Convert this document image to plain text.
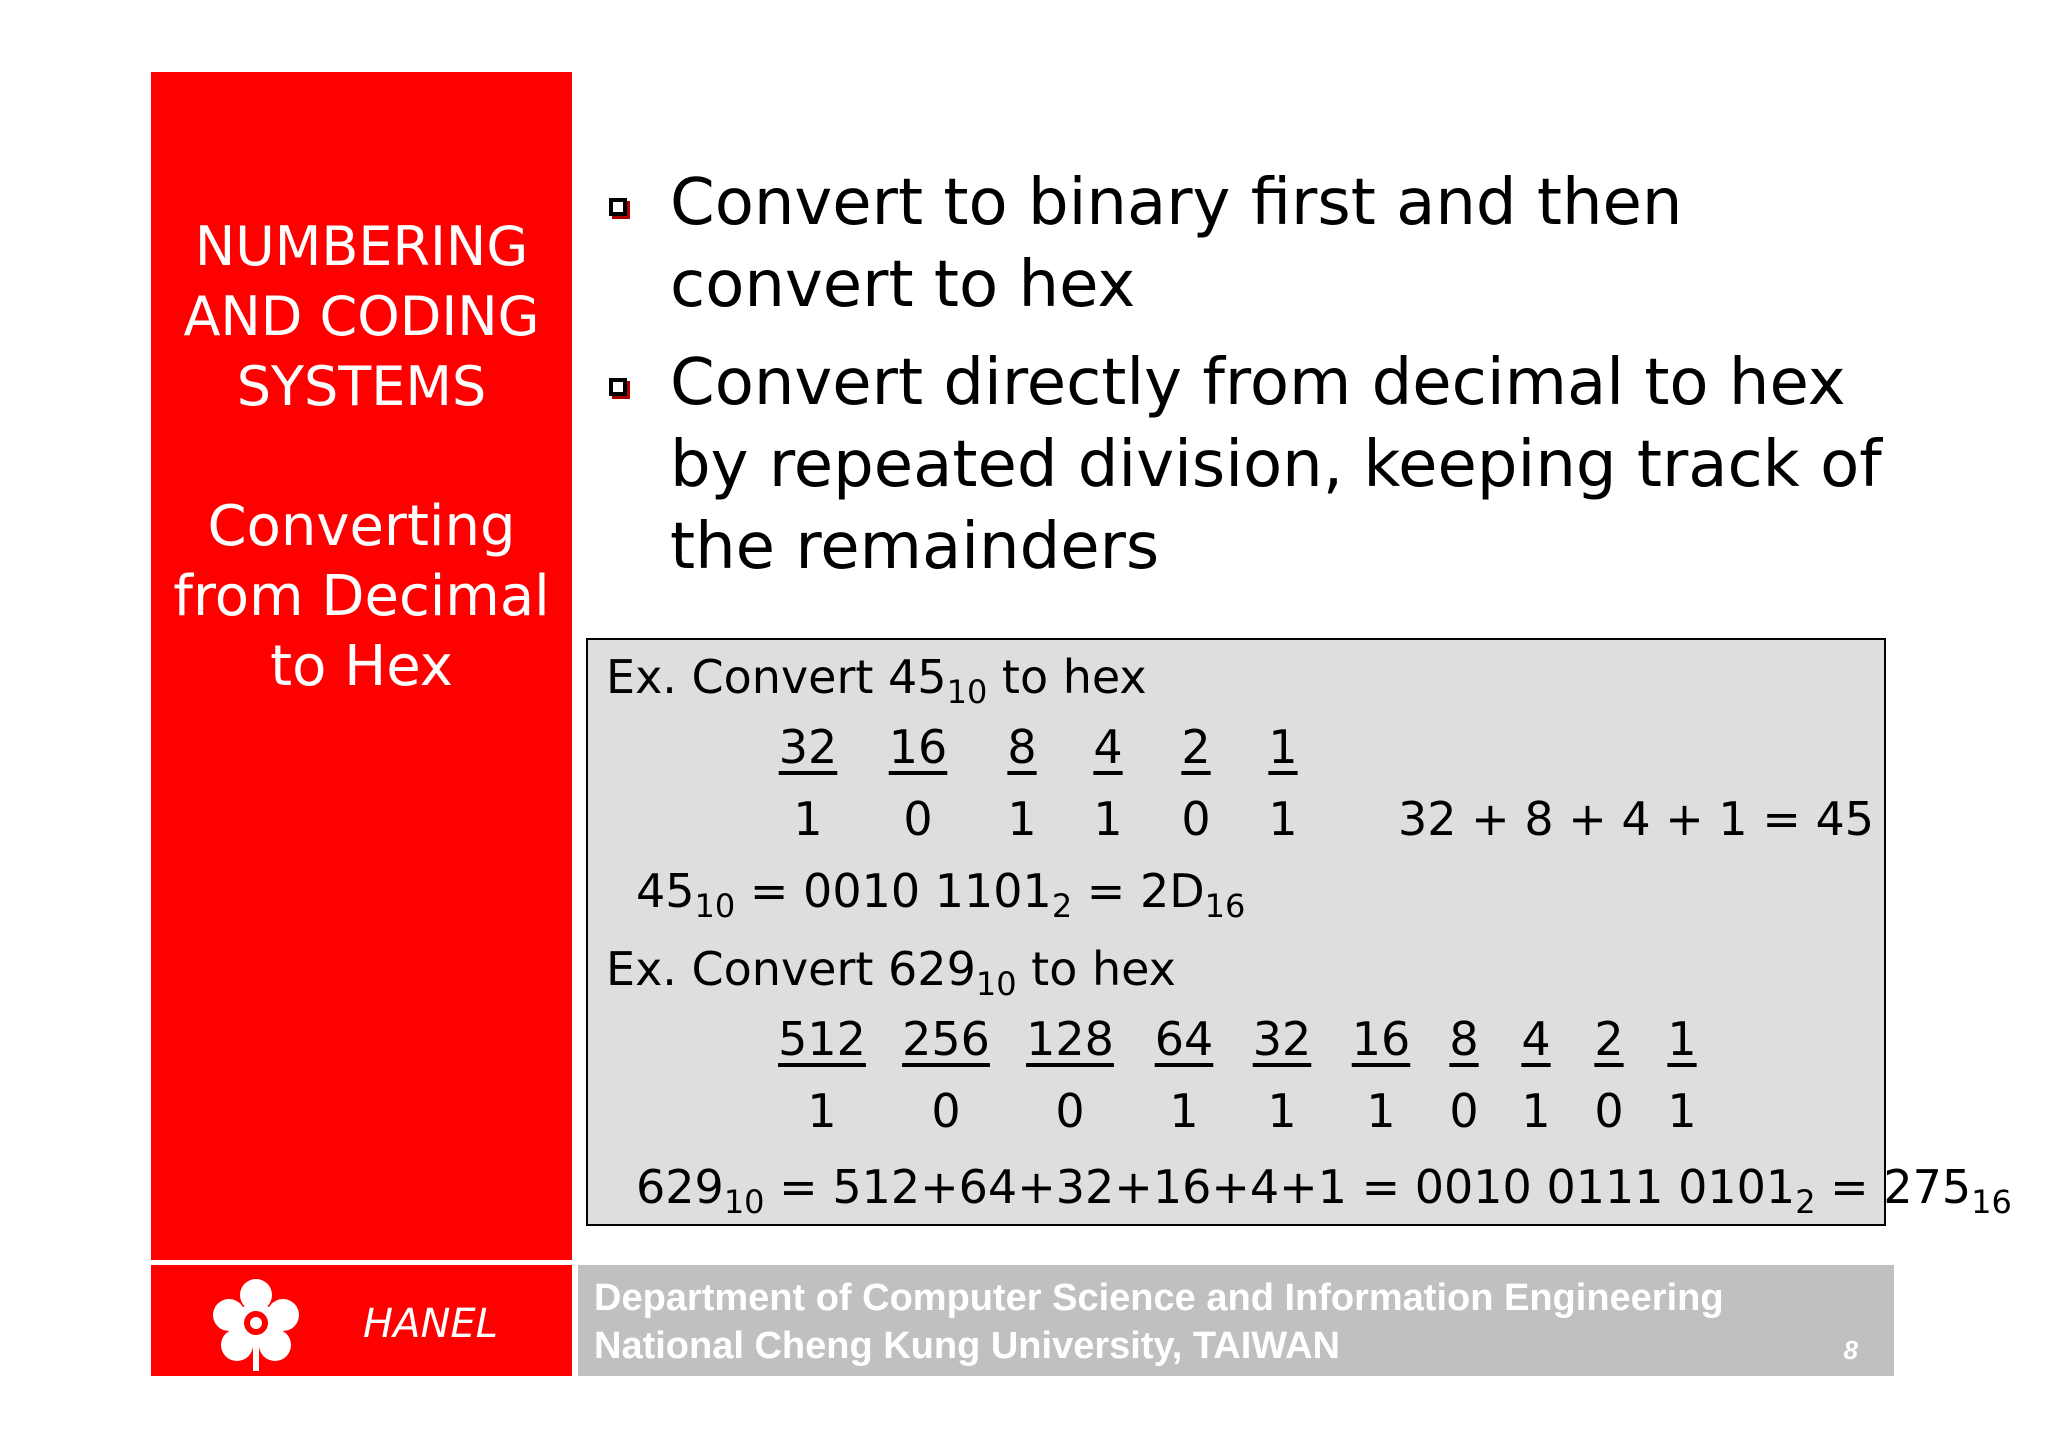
NUMBERING
AND CODING
SYSTEMS
Converting
from Decimal
to Hex
Convert to binary first and then
convert to hex
Convert directly from decimal to hex
by repeated division, keeping track of
the remainders
Ex. Convert $45_{10}$ to hex
32	16	8	4	2	1
1	0	1	1	0	1	32 + 8 + 4 + 1 = 45
$45_{10} = 0010$ $1101_2 = 2D_{16}$
Ex. Convert $629_{10}$ to hex
512 256 128 64 32 16 8 4 2 1
1	0	0	1	1	1	0 1 0 1
$629_{10} = 512+64+32+16+4+1 = 0010$ 0111 $0101_2 = 275_{16}$
HANEL
Department of Computer Science and Information Engineering
National Cheng Kung University, TAIWAN	8
